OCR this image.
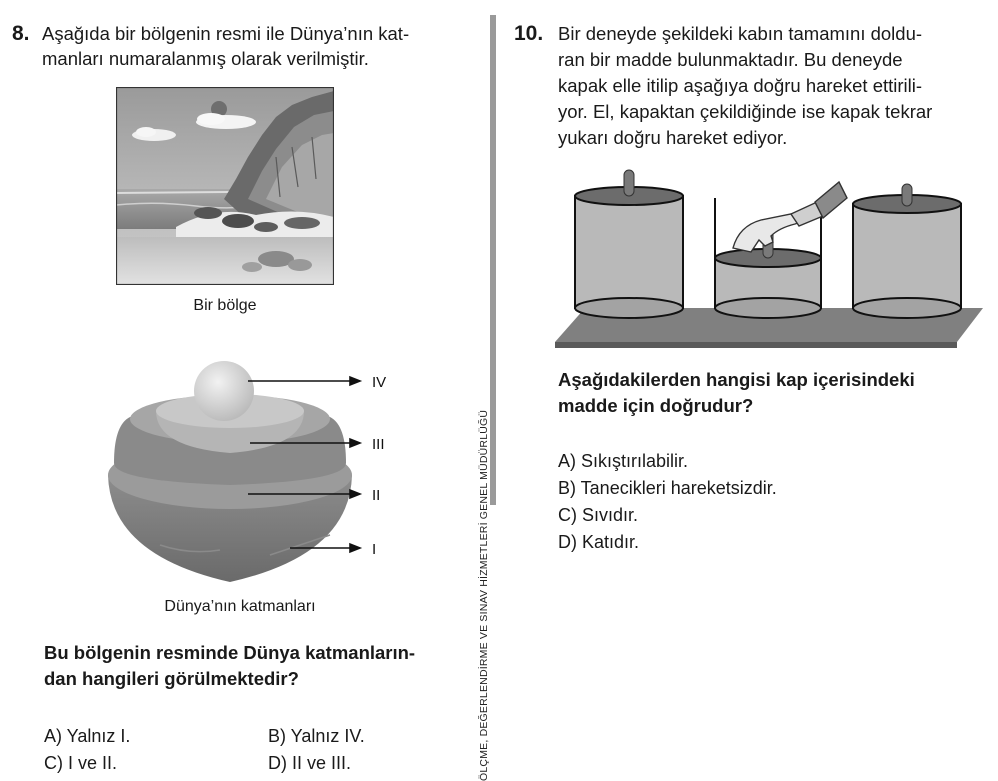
8. Aşağıda bir bölgenin resmi ile Dünya’nın kat-
manları numaralanmış olarak verilmiştir.
Bir bölge
IV
III
II
I
Dünya’nın katmanları
Bu bölgenin resminde Dünya katmanların-
dan hangileri görülmektedir?
A) Yalnız I.	B) Yalnız IV.
C) I ve II.	D) II ve III.	ÖLÇME, DEĞERLENDİRME VE SINAV HİZMETLERİ GENEL MÜDÜRLÜĞÜ
10. Bir deneyde şekildeki kabın tamamını doldu-
ran bir madde bulunmaktadır. Bu deneyde
kapak elle itilip aşağıya doğru hareket ettirili-
yor. El, kapaktan çekildiğinde ise kapak tekrar
yukarı doğru hareket ediyor.
Aşağıdakilerden hangisi kap içerisindeki
madde için doğrudur?
A) Sıkıştırılabilir.
B) Tanecikleri hareketsizdir.
C) Sıvıdır.
D) Katıdır.
